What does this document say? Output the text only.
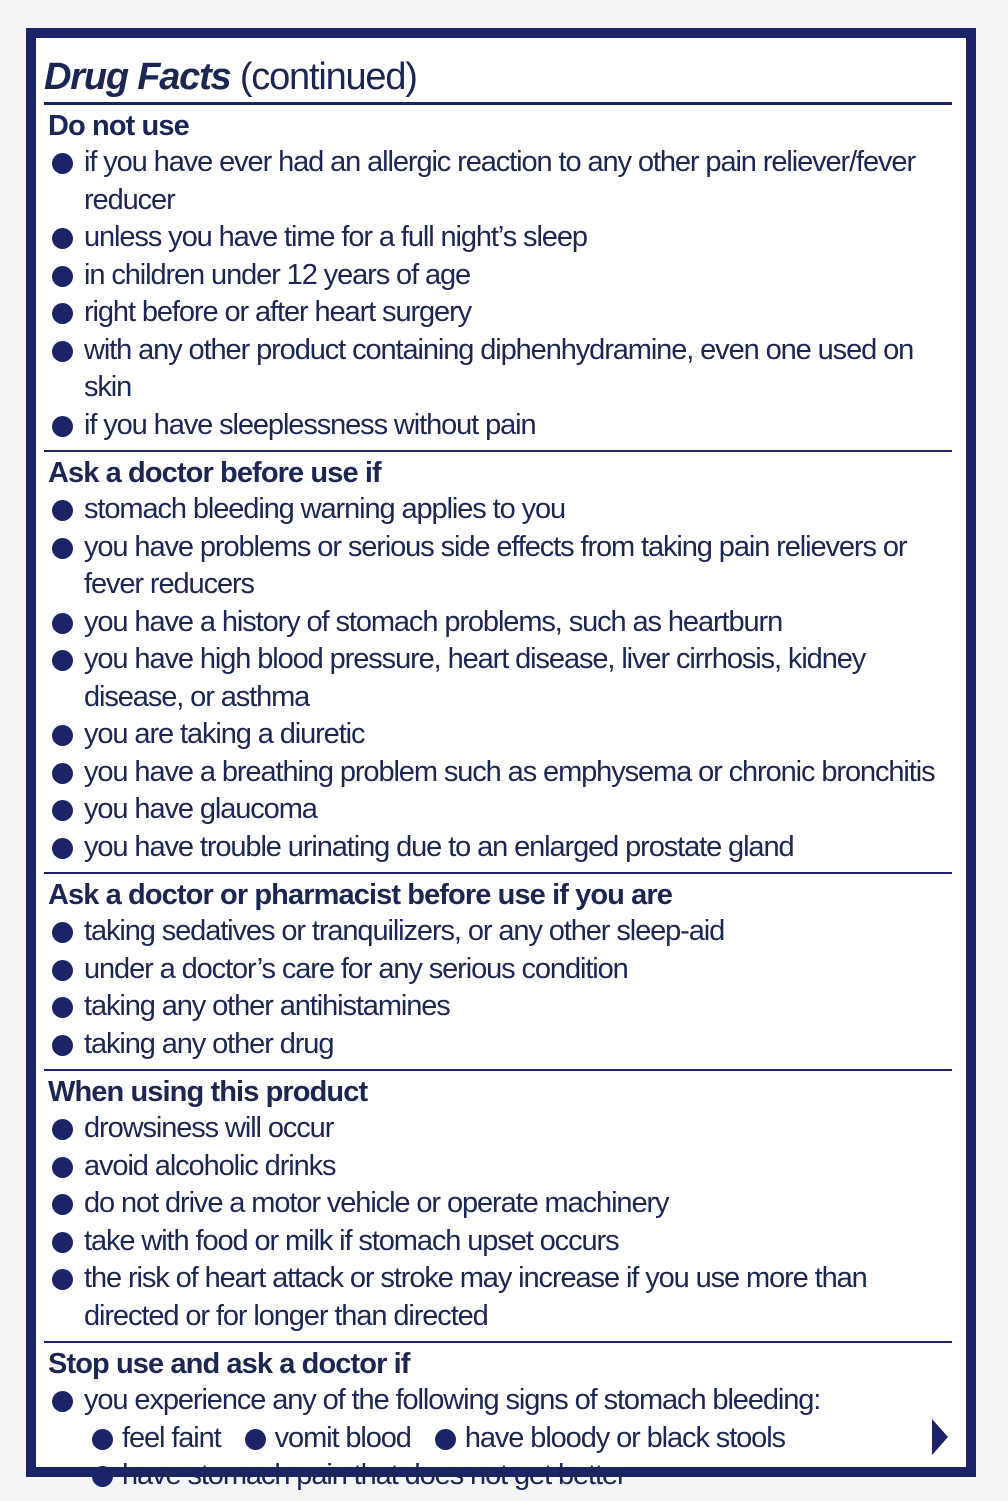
Drug Facts (continued)
Do not use
if you have ever had an allergic reaction to any other pain reliever/fever reducer
unless you have time for a full night’s sleep
in children under 12 years of age
right before or after heart surgery
with any other product containing diphenhydramine, even one used on skin
if you have sleeplessness without pain
Ask a doctor before use if
stomach bleeding warning applies to you
you have problems or serious side effects from taking pain relievers or fever reducers
you have a history of stomach problems, such as heartburn
you have high blood pressure, heart disease, liver cirrhosis, kidney disease, or asthma
you are taking a diuretic
you have a breathing problem such as emphysema or chronic bronchitis
you have glaucoma
you have trouble urinating due to an enlarged prostate gland
Ask a doctor or pharmacist before use if you are
taking sedatives or tranquilizers, or any other sleep-aid
under a doctor’s care for any serious condition
taking any other antihistamines
taking any other drug
When using this product
drowsiness will occur
avoid alcoholic drinks
do not drive a motor vehicle or operate machinery
take with food or milk if stomach upset occurs
the risk of heart attack or stroke may increase if you use more than directed or for longer than directed
Stop use and ask a doctor if
you experience any of the following signs of stomach bleeding:
feel faint vomit blood have bloody or black stools
have stomach pain that does not get better
